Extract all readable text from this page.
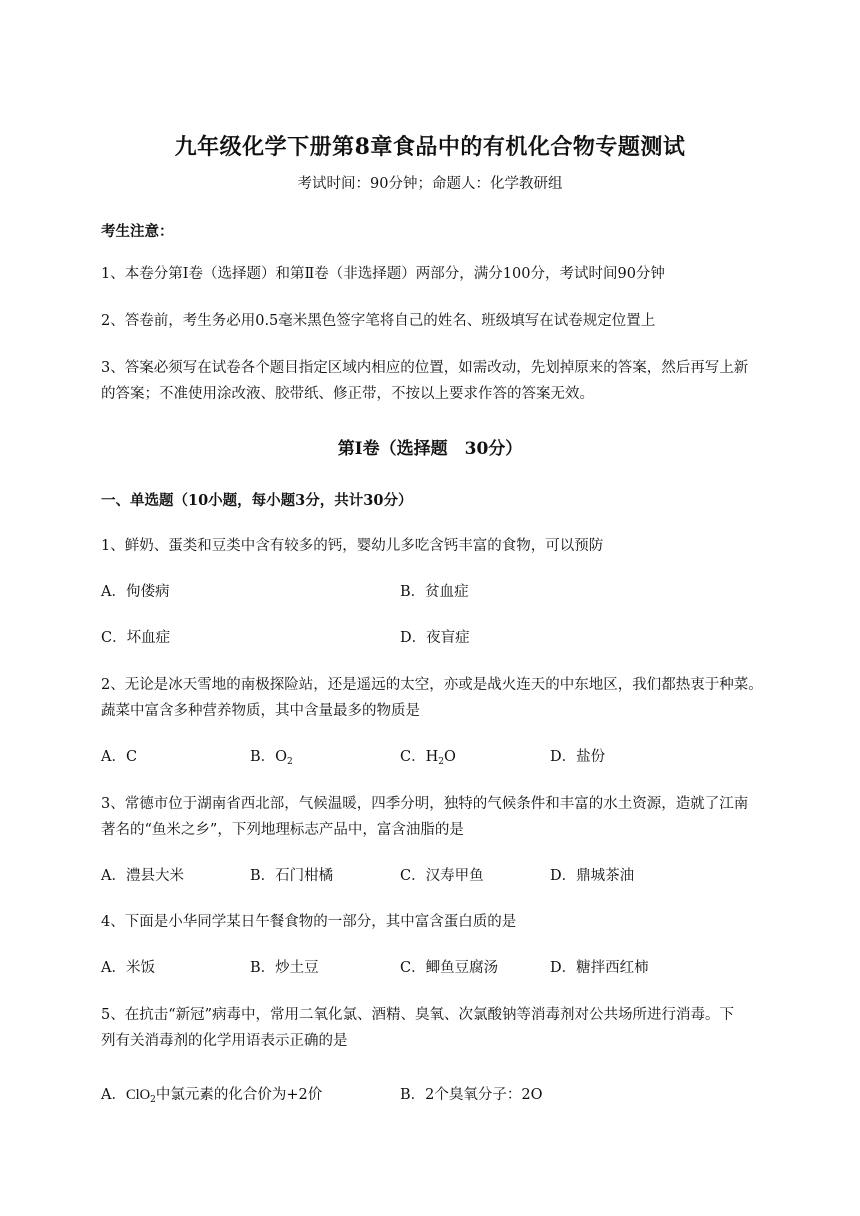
九年级化学下册第8章食品中的有机化合物专题测试
考试时间：90分钟；命题人：化学教研组
考生注意：
1、本卷分第I卷（选择题）和第Ⅱ卷（非选择题）两部分，满分100分，考试时间90分钟
2、答卷前，考生务必用0.5毫米黑色签字笔将自己的姓名、班级填写在试卷规定位置上
3、答案必须写在试卷各个题目指定区域内相应的位置，如需改动，先划掉原来的答案，然后再写上新
的答案；不准使用涂改液、胶带纸、修正带，不按以上要求作答的答案无效。
第I卷（选择题　30分）
一、单选题（10小题，每小题3分，共计30分）
1、鲜奶、蛋类和豆类中含有较多的钙，婴幼儿多吃含钙丰富的食物，可以预防
A．佝偻病	B．贫血症
C．坏血症	D．夜盲症
2、无论是冰天雪地的南极探险站，还是遥远的太空，亦或是战火连天的中东地区，我们都热衷于种菜。
蔬菜中富含多种营养物质，其中含量最多的物质是
A．C	B．$O_2$	C．$H_2O$	D．盐份
3、常德市位于湖南省西北部，气候温暖，四季分明，独特的气候条件和丰富的水土资源，造就了江南
著名的“鱼米之乡”，下列地理标志产品中，富含油脂的是
A．澧县大米	B．石门柑橘	C．汉寿甲鱼	D．鼎城茶油
4、下面是小华同学某日午餐食物的一部分，其中富含蛋白质的是
A．米饭	B．炒土豆	C．鲫鱼豆腐汤	D．糖拌西红柿
5、在抗击“新冠”病毒中，常用二氧化氯、酒精、臭氧、次氯酸钠等消毒剂对公共场所进行消毒。下
列有关消毒剂的化学用语表示正确的是
A．ClO$_2$中氯元素的化合价为+2价	B．2个臭氧分子：2O
